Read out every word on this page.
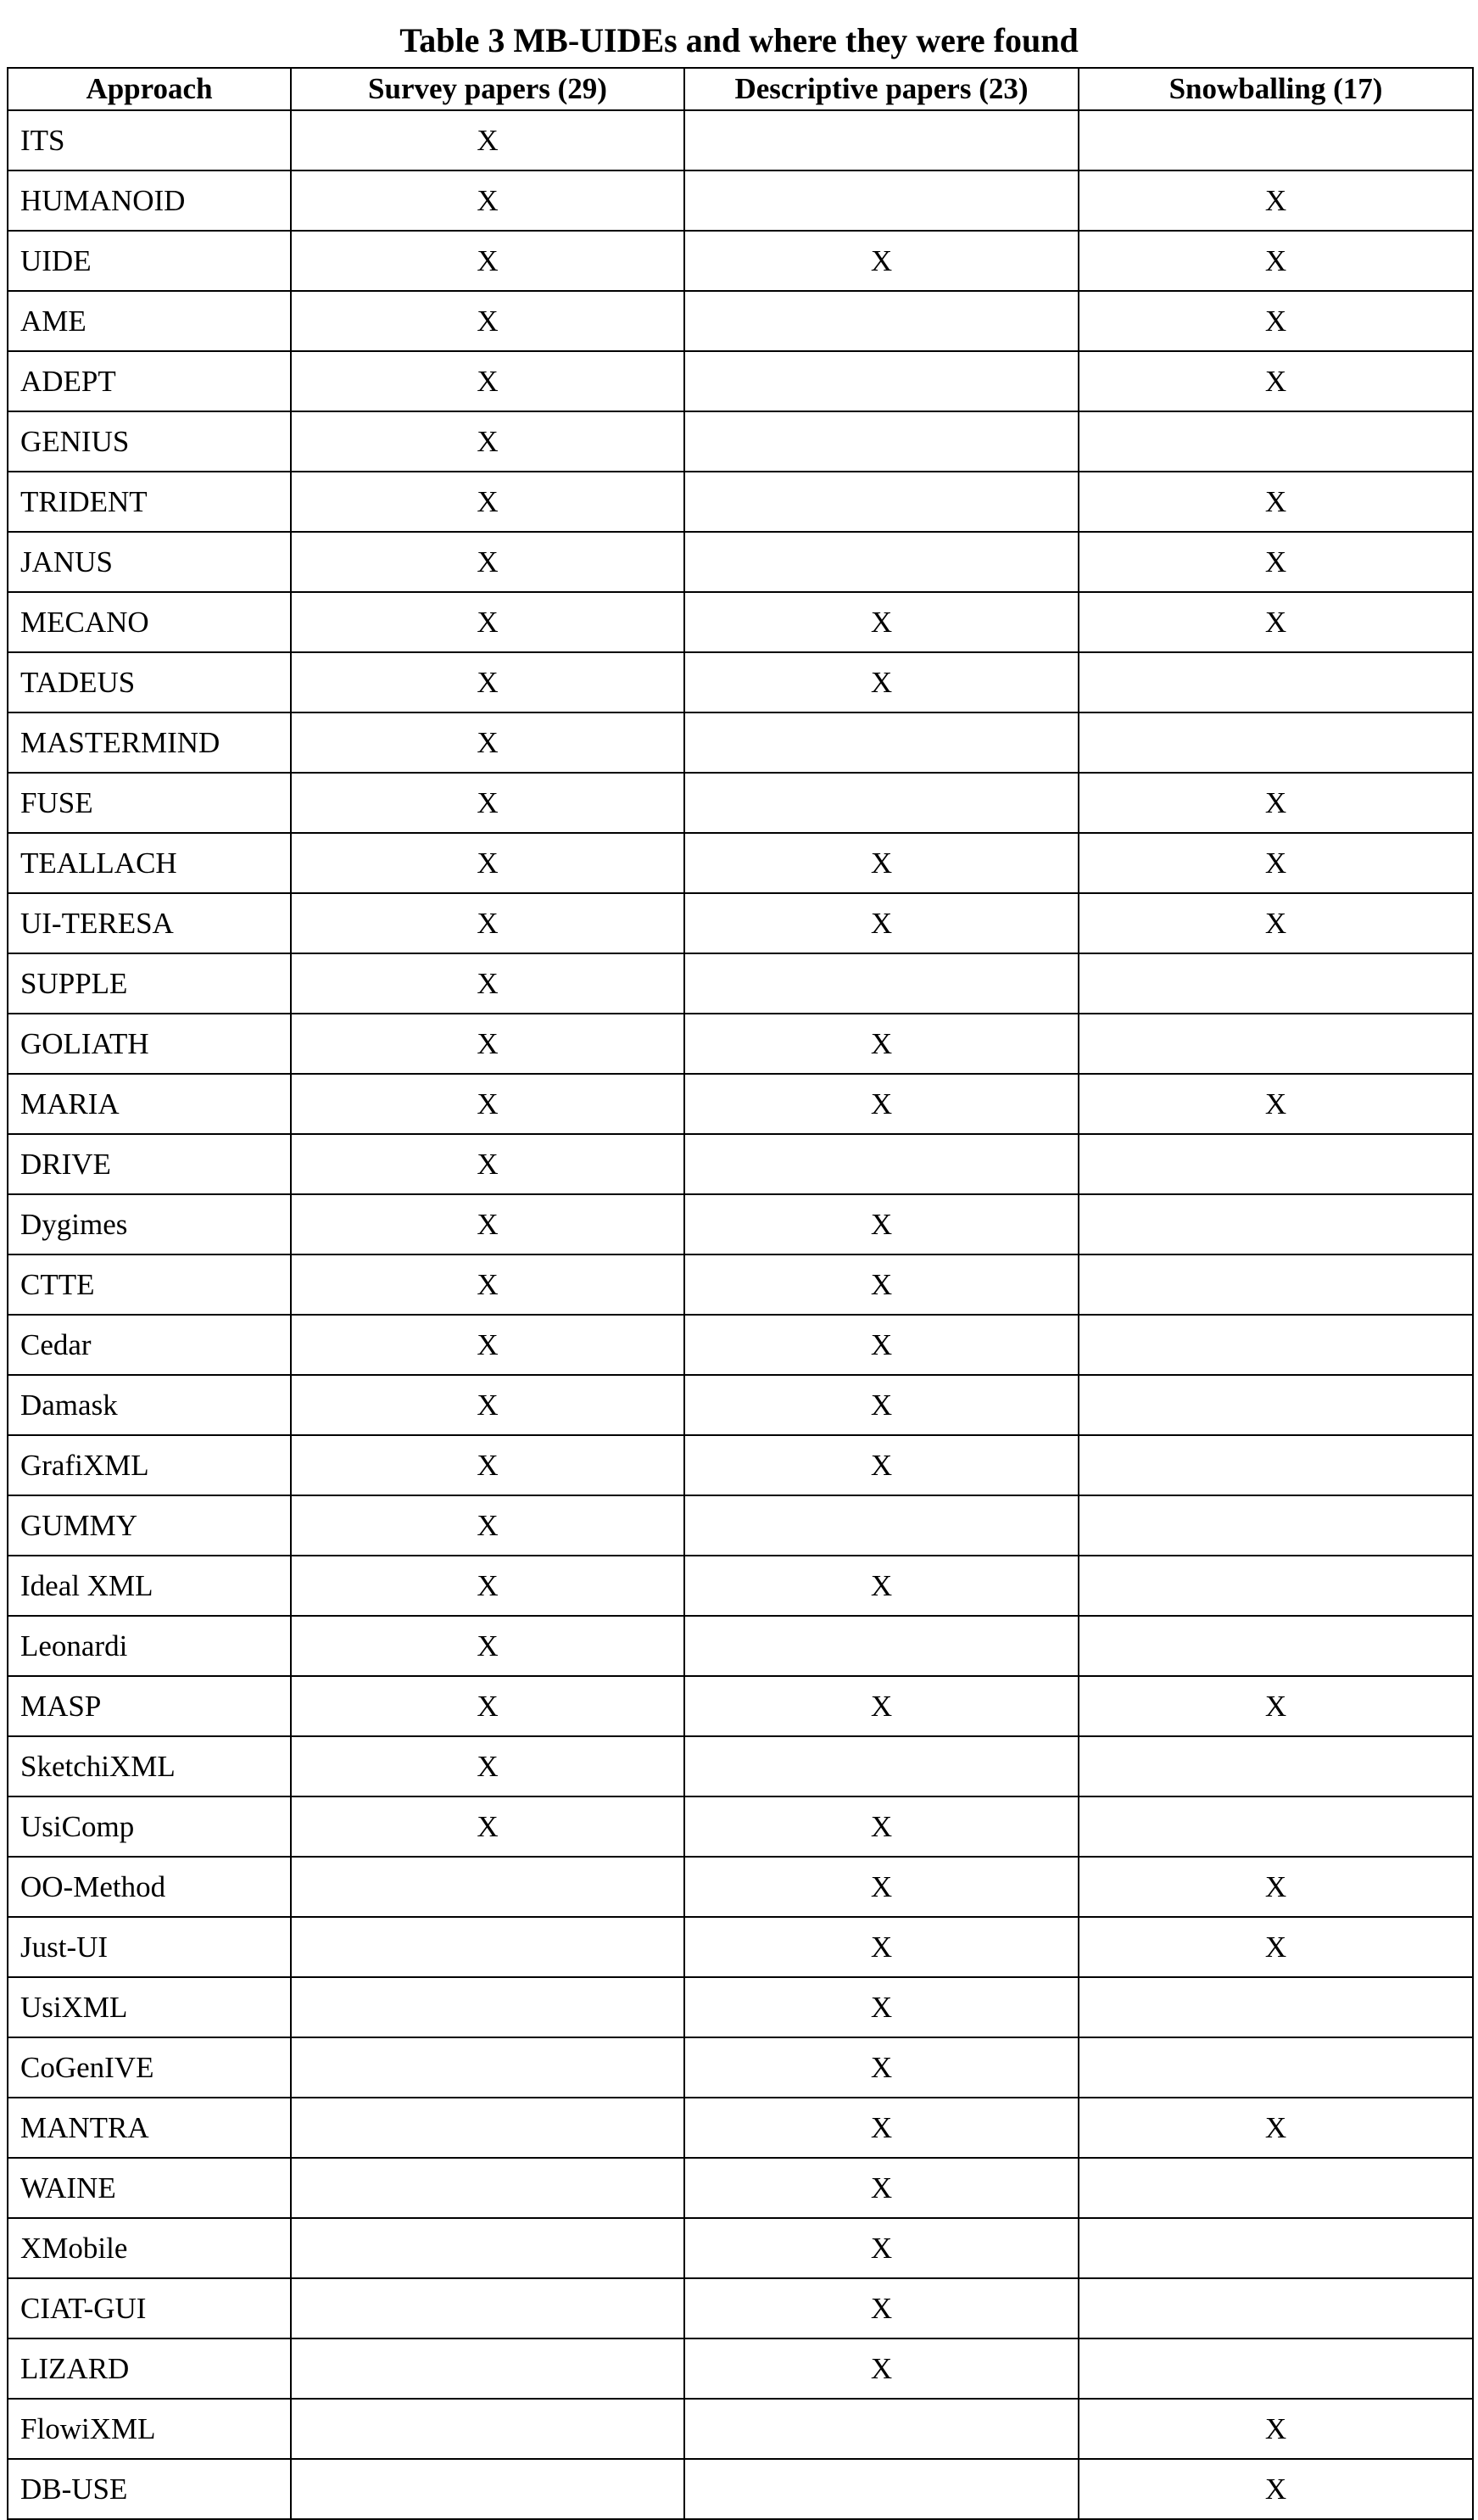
Table 3 MB-UIDEs and where they were found
Approach	Survey papers (29)	Descriptive papers (23)	Snowballing (17)
ITS	X		
HUMANOID	X		X
UIDE	X	X	X
AME	X		X
ADEPT	X		X
GENIUS	X		
TRIDENT	X		X
JANUS	X		X
MECANO	X	X	X
TADEUS	X	X	
MASTERMIND	X		
FUSE	X		X
TEALLACH	X	X	X
UI-TERESA	X	X	X
SUPPLE	X		
GOLIATH	X	X	
MARIA	X	X	X
DRIVE	X		
Dygimes	X	X	
CTTE	X	X	
Cedar	X	X	
Damask	X	X	
GrafiXML	X	X	
GUMMY	X		
Ideal XML	X	X	
Leonardi	X		
MASP	X	X	X
SketchiXML	X		
UsiComp	X	X	
OO-Method		X	X
Just-UI		X	X
UsiXML		X	
CoGenIVE		X	
MANTRA		X	X
WAINE		X	
XMobile		X	
CIAT-GUI		X	
LIZARD		X	
FlowiXML			X
DB-USE			X
